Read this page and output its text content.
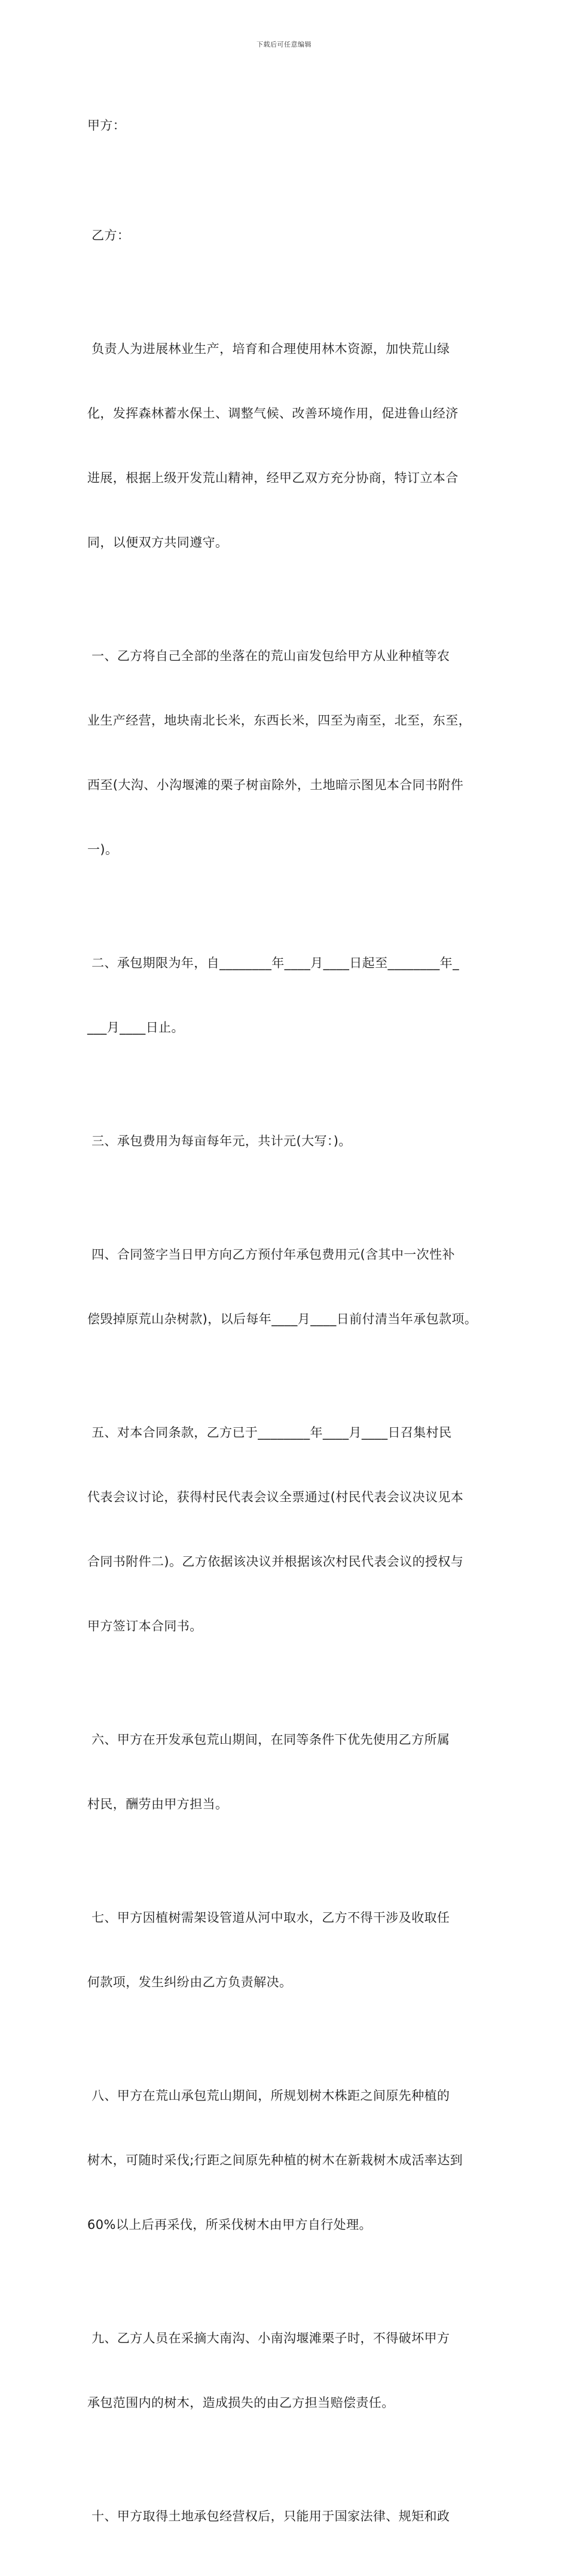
下载后可任意编辑

甲方：

乙方：

负责人为进展林业生产，培育和合理使用林木资源，加快荒山绿

化，发挥森林蓄水保土、调整气候、改善环境作用，促进鲁山经济

进展，根据上级开发荒山精神，经甲乙双方充分协商，特订立本合

同，以便双方共同遵守。

一、乙方将自己全部的坐落在的荒山亩发包给甲方从业种植等农

业生产经营，地块南北长米，东西长米，四至为南至，北至，东至，

西至(大沟、小沟堰滩的栗子树亩除外，土地暗示图见本合同书附件

一)。

二、承包期限为年，自________年____月____日起至________年_

___月____日止。

三、承包费用为每亩每年元，共计元(大写：)。

四、合同签字当日甲方向乙方预付年承包费用元(含其中一次性补

偿毁掉原荒山杂树款)，以后每年____月____日前付清当年承包款项。

五、对本合同条款，乙方已于________年____月____日召集村民

代表会议讨论，获得村民代表会议全票通过(村民代表会议决议见本

合同书附件二)。乙方依据该决议并根据该次村民代表会议的授权与

甲方签订本合同书。

六、甲方在开发承包荒山期间，在同等条件下优先使用乙方所属

村民，酬劳由甲方担当。

七、甲方因植树需架设管道从河中取水，乙方不得干涉及收取任

何款项，发生纠纷由乙方负责解决。

八、甲方在荒山承包荒山期间，所规划树木株距之间原先种植的

树木，可随时采伐;行距之间原先种植的树木在新栽树木成活率达到

60%以上后再采伐，所采伐树木由甲方自行处理。

九、乙方人员在采摘大南沟、小南沟堰滩栗子时，不得破坏甲方

承包范围内的树木，造成损失的由乙方担当赔偿责任。

十、甲方取得土地承包经营权后，只能用于国家法律、规矩和政
